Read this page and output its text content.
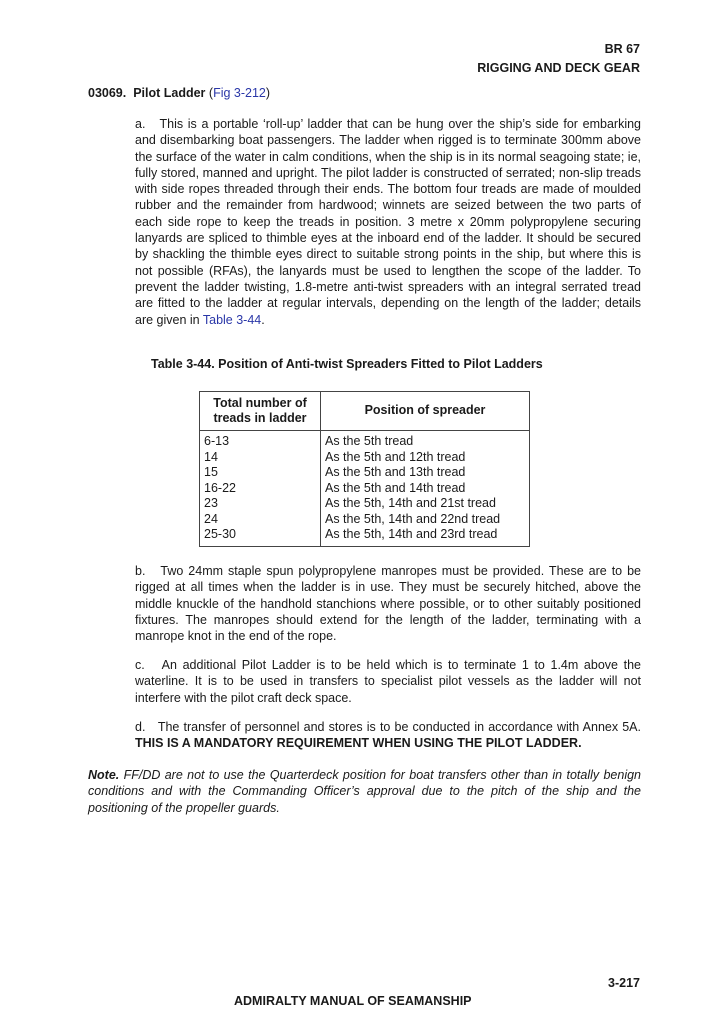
BR 67
RIGGING AND DECK GEAR
03069. Pilot Ladder (Fig 3-212)
a. This is a portable ‘roll-up’ ladder that can be hung over the ship’s side for embarking and disembarking boat passengers. The ladder when rigged is to terminate 300mm above the surface of the water in calm conditions, when the ship is in its normal seagoing state; ie, fully stored, manned and upright. The pilot ladder is constructed of serrated; non-slip treads with side ropes threaded through their ends. The bottom four treads are made of moulded rubber and the remainder from hardwood; winnets are seized between the two parts of each side rope to keep the treads in position. 3 metre x 20mm polypropylene securing lanyards are spliced to thimble eyes at the inboard end of the ladder. It should be secured by shackling the thimble eyes direct to suitable strong points in the ship, but where this is not possible (RFAs), the lanyards must be used to lengthen the scope of the ladder. To prevent the ladder twisting, 1.8-metre anti-twist spreaders with an integral serrated tread are fitted to the ladder at regular intervals, depending on the length of the ladder; details are given in Table 3-44.
Table 3-44. Position of Anti-twist Spreaders Fitted to Pilot Ladders
Total number of treads in ladder	Position of spreader
6-13	As the 5th tread
14	As the 5th and 12th tread
15	As the 5th and 13th tread
16-22	As the 5th and 14th tread
23	As the 5th, 14th and 21st tread
24	As the 5th, 14th and 22nd tread
25-30	As the 5th, 14th and 23rd tread
b. Two 24mm staple spun polypropylene manropes must be provided. These are to be rigged at all times when the ladder is in use. They must be securely hitched, above the middle knuckle of the handhold stanchions where possible, or to other suitably positioned fixtures. The manropes should extend for the length of the ladder, terminating with a manrope knot in the end of the rope.
c. An additional Pilot Ladder is to be held which is to terminate 1 to 1.4m above the waterline. It is to be used in transfers to specialist pilot vessels as the ladder will not interfere with the pilot craft deck space.
d. The transfer of personnel and stores is to be conducted in accordance with Annex 5A. THIS IS A MANDATORY REQUIREMENT WHEN USING THE PILOT LADDER.
Note. FF/DD are not to use the Quarterdeck position for boat transfers other than in totally benign conditions and with the Commanding Officer’s approval due to the pitch of the ship and the positioning of the propeller guards.
3-217
ADMIRALTY MANUAL OF SEAMANSHIP
